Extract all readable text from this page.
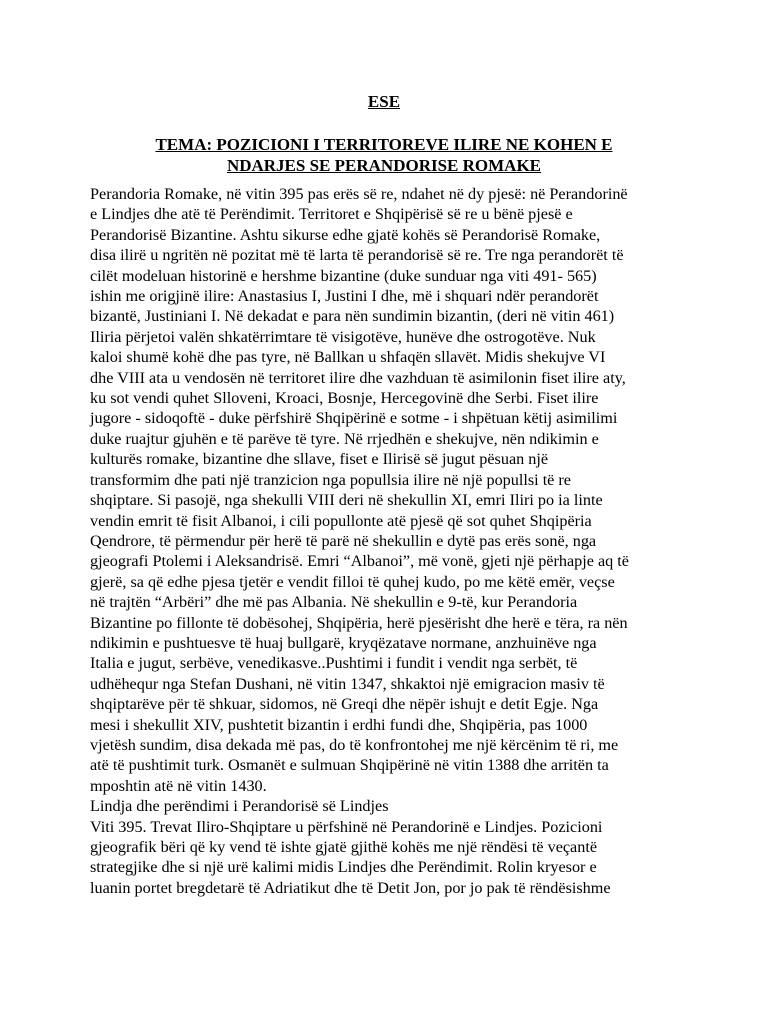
ESE
TEMA: POZICIONI I TERRITOREVE ILIRE NE KOHEN E
NDARJES SE PERANDORISE ROMAKE
Perandoria Romake, në vitin 395 pas erës së re, ndahet në dy pjesë: në Perandorinë
e Lindjes dhe atë të Perëndimit. Territoret e Shqipërisë së re u bënë pjesë e
Perandorisë Bizantine. Ashtu sikurse edhe gjatë kohës së Perandorisë Romake,
disa ilirë u ngritën në pozitat më të larta të perandorisë së re. Tre nga perandorët të
cilët modeluan historinë e hershme bizantine (duke sunduar nga viti 491- 565)
ishin me origjinë ilire: Anastasius I, Justini I dhe, më i shquari ndër perandorët
bizantë, Justiniani I. Në dekadat e para nën sundimin bizantin, (deri në vitin 461)
Iliria përjetoi valën shkatërrimtare të visigotëve, hunëve dhe ostrogotëve. Nuk
kaloi shumë kohë dhe pas tyre, në Ballkan u shfaqën sllavët. Midis shekujve VI
dhe VIII ata u vendosën në territoret ilire dhe vazhduan të asimilonin fiset ilire aty,
ku sot vendi quhet Slloveni, Kroaci, Bosnje, Hercegovinë dhe Serbi. Fiset ilire
jugore - sidoqoftë - duke përfshirë Shqipërinë e sotme - i shpëtuan këtij asimilimi
duke ruajtur gjuhën e të parëve të tyre. Në rrjedhën e shekujve, nën ndikimin e
kulturës romake, bizantine dhe sllave, fiset e Ilirisë së jugut pësuan një
transformim dhe pati një tranzicion nga popullsia ilire në një popullsi të re
shqiptare. Si pasojë, nga shekulli VIII deri në shekullin XI, emri Iliri po ia linte
vendin emrit të fisit Albanoi, i cili popullonte atë pjesë që sot quhet Shqipëria
Qendrore, të përmendur për herë të parë në shekullin e dytë pas erës sonë, nga
gjeografi Ptolemi i Aleksandrisë. Emri “Albanoi”, më vonë, gjeti një përhapje aq të
gjerë, sa që edhe pjesa tjetër e vendit filloi të quhej kudo, po me këtë emër, veçse
në trajtën “Arbëri” dhe më pas Albania. Në shekullin e 9-të, kur Perandoria
Bizantine po fillonte të dobësohej, Shqipëria, herë pjesërisht dhe herë e tëra, ra nën
ndikimin e pushtuesve të huaj bullgarë, kryqëzatave normane, anzhuinëve nga
Italia e jugut, serbëve, venedikasve..Pushtimi i fundit i vendit nga serbët, të
udhëhequr nga Stefan Dushani, në vitin 1347, shkaktoi një emigracion masiv të
shqiptarëve për të shkuar, sidomos, në Greqi dhe nëpër ishujt e detit Egje. Nga
mesi i shekullit XIV, pushtetit bizantin i erdhi fundi dhe, Shqipëria, pas 1000
vjetësh sundim, disa dekada më pas, do të konfrontohej me një kërcënim të ri, me
atë të pushtimit turk. Osmanët e sulmuan Shqipërinë në vitin 1388 dhe arritën ta
mposhtin atë në vitin 1430.
Lindja dhe perëndimi i Perandorisë së Lindjes
Viti 395. Trevat Iliro-Shqiptare u përfshinë në Perandorinë e Lindjes. Pozicioni
gjeografik bëri që ky vend të ishte gjatë gjithë kohës me një rëndësi të veçantë
strategjike dhe si një urë kalimi midis Lindjes dhe Perëndimit. Rolin kryesor e
luanin portet bregdetarë të Adriatikut dhe të Detit Jon, por jo pak të rëndësishme
